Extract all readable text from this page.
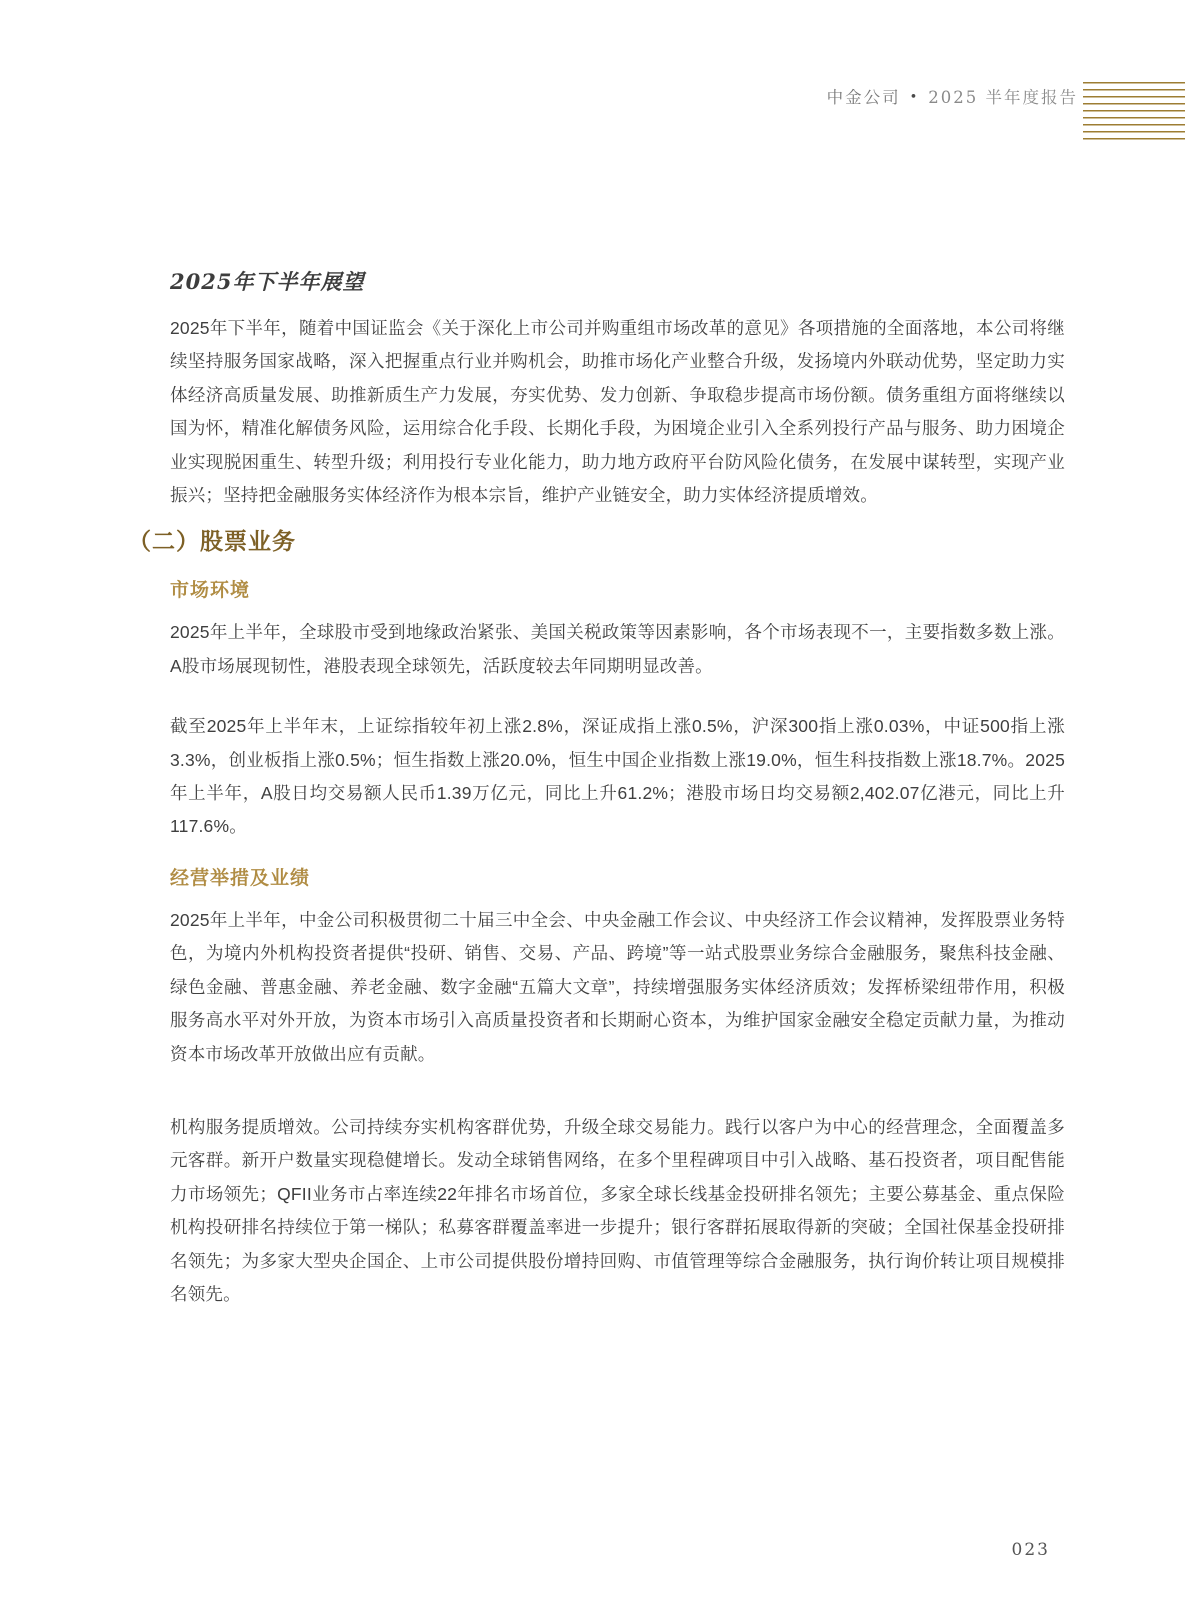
中金公司 • 2025 半年度报告
2025年下半年展望

2025年下半年，随着中国证监会《关于深化上市公司并购重组市场改革的意见》各项措施的全面落地，本公司将继续坚持服务国家战略，深入把握重点行业并购机会，助推市场化产业整合升级，发扬境内外联动优势，坚定助力实体经济高质量发展、助推新质生产力发展，夯实优势、发力创新、争取稳步提高市场份额。债务重组方面将继续以国为怀，精准化解债务风险，运用综合化手段、长期化手段，为困境企业引入全系列投行产品与服务、助力困境企业实现脱困重生、转型升级；利用投行专业化能力，助力地方政府平台防风险化债务，在发展中谋转型，实现产业振兴；坚持把金融服务实体经济作为根本宗旨，维护产业链安全，助力实体经济提质增效。

（二）股票业务
市场环境

2025年上半年，全球股市受到地缘政治紧张、美国关税政策等因素影响，各个市场表现不一，主要指数多数上涨。A股市场展现韧性，港股表现全球领先，活跃度较去年同期明显改善。

截至2025年上半年末，上证综指较年初上涨2.8%，深证成指上涨0.5%，沪深300指上涨0.03%，中证500指上涨3.3%，创业板指上涨0.5%；恒生指数上涨20.0%，恒生中国企业指数上涨19.0%，恒生科技指数上涨18.7%。2025年上半年，A股日均交易额人民币1.39万亿元，同比上升61.2%；港股市场日均交易额2,402.07亿港元，同比上升117.6%。

经营举措及业绩

2025年上半年，中金公司积极贯彻二十届三中全会、中央金融工作会议、中央经济工作会议精神，发挥股票业务特色，为境内外机构投资者提供“投研、销售、交易、产品、跨境”等一站式股票业务综合金融服务，聚焦科技金融、绿色金融、普惠金融、养老金融、数字金融“五篇大文章”，持续增强服务实体经济质效；发挥桥梁纽带作用，积极服务高水平对外开放，为资本市场引入高质量投资者和长期耐心资本，为维护国家金融安全稳定贡献力量，为推动资本市场改革开放做出应有贡献。

机构服务提质增效。公司持续夯实机构客群优势，升级全球交易能力。践行以客户为中心的经营理念，全面覆盖多元客群。新开户数量实现稳健增长。发动全球销售网络，在多个里程碑项目中引入战略、基石投资者，项目配售能力市场领先；QFII业务市占率连续22年排名市场首位，多家全球长线基金投研排名领先；主要公募基金、重点保险机构投研排名持续位于第一梯队；私募客群覆盖率进一步提升；银行客群拓展取得新的突破；全国社保基金投研排名领先；为多家大型央企国企、上市公司提供股份增持回购、市值管理等综合金融服务，执行询价转让项目规模排名领先。

023
